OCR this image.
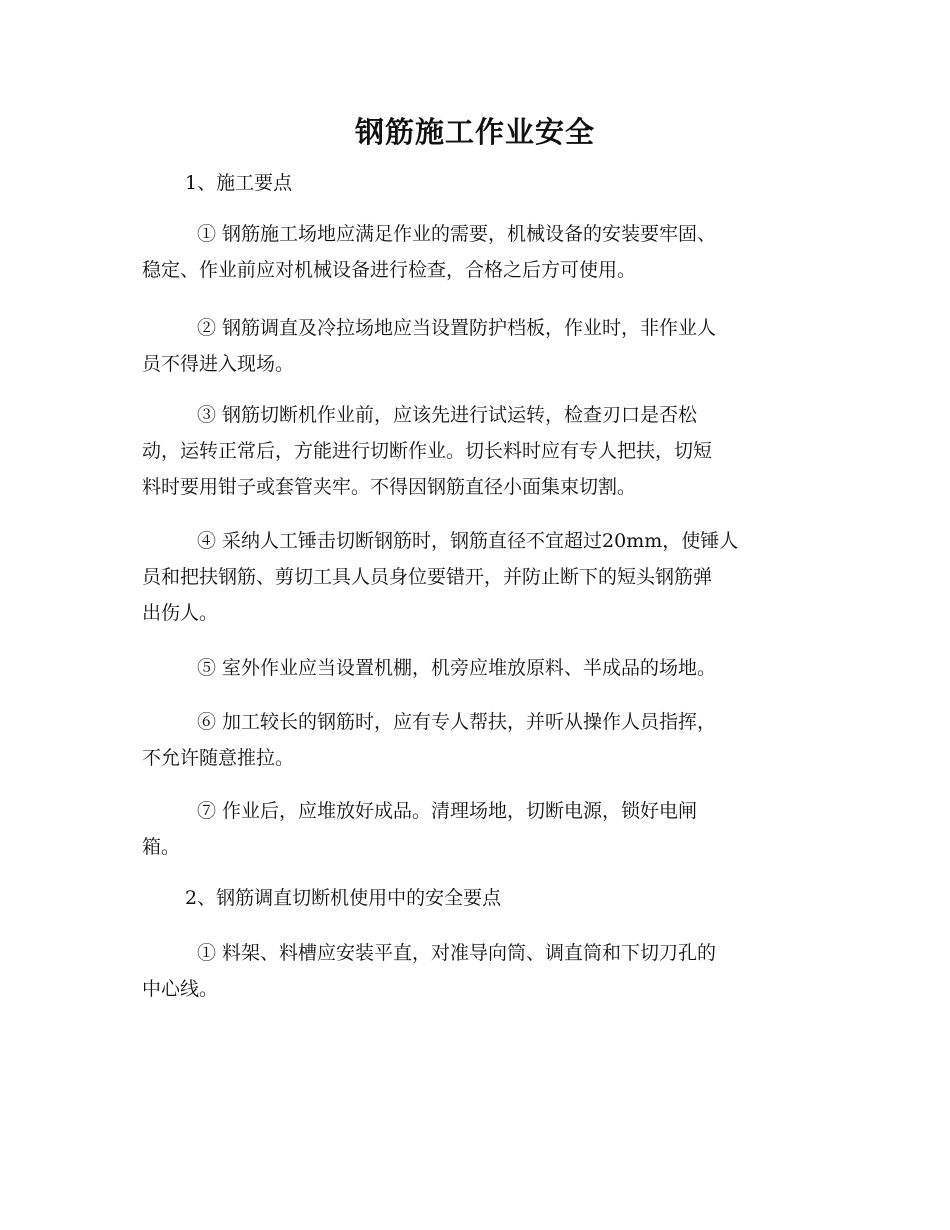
钢筋施工作业安全
1、施工要点
① 钢筋施工场地应满足作业的需要，机械设备的安装要牢固、
稳定、作业前应对机械设备进行检查，合格之后方可使用。
② 钢筋调直及冷拉场地应当设置防护档板，作业时，非作业人
员不得进入现场。
③ 钢筋切断机作业前，应该先进行试运转，检查刃口是否松
动，运转正常后，方能进行切断作业。切长料时应有专人把扶，切短
料时要用钳子或套管夹牢。不得因钢筋直径小面集束切割。
④ 采纳人工锤击切断钢筋时，钢筋直径不宜超过20mm，使锤人
员和把扶钢筋、剪切工具人员身位要错开，并防止断下的短头钢筋弹
出伤人。
⑤ 室外作业应当设置机棚，机旁应堆放原料、半成品的场地。
⑥ 加工较长的钢筋时，应有专人帮扶，并听从操作人员指挥，
不允许随意推拉。
⑦ 作业后，应堆放好成品。清理场地，切断电源，锁好电闸
箱。
2、钢筋调直切断机使用中的安全要点
① 料架、料槽应安装平直，对准导向筒、调直筒和下切刀孔的
中心线。
